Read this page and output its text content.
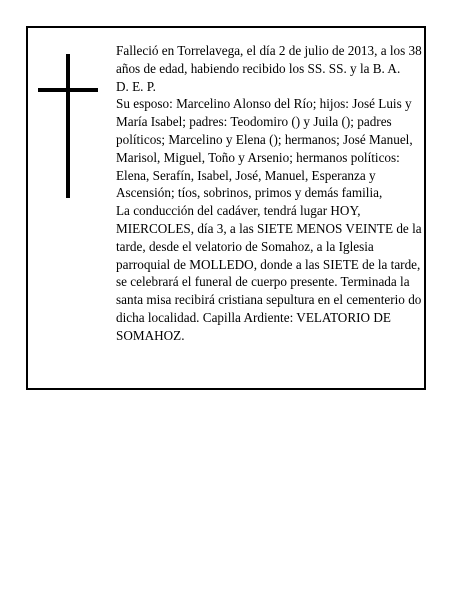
Falleció en Torrelavega, el día 2 de julio de 2013, a los 38 años de edad, habiendo recibido los SS. SS. y la B. A.

D. E. P.

Su esposo: Marcelino Alonso del Río; hijos: José Luis y María Isabel; padres: Teodomiro () y Juila (); padres políticos; Marcelino y Elena (); hermanos; José Manuel, Marisol, Miguel, Toño y Arsenio; hermanos políticos: Elena, Serafín, Isabel, José, Manuel, Esperanza y Ascensión; tíos, sobrinos, primos y demás familia,

La conducción del cadáver, tendrá lugar HOY, MIERCOLES, día 3, a las SIETE MENOS VEINTE de la tarde, desde el velatorio de Somahoz, a la Iglesia parroquial de MOLLEDO, donde a las SIETE de la tarde, se celebrará el funeral de cuerpo presente. Terminada la santa misa recibirá cristiana sepultura en el cementerio do dicha localidad. Capilla Ardiente: VELATORIO DE SOMAHOZ.
